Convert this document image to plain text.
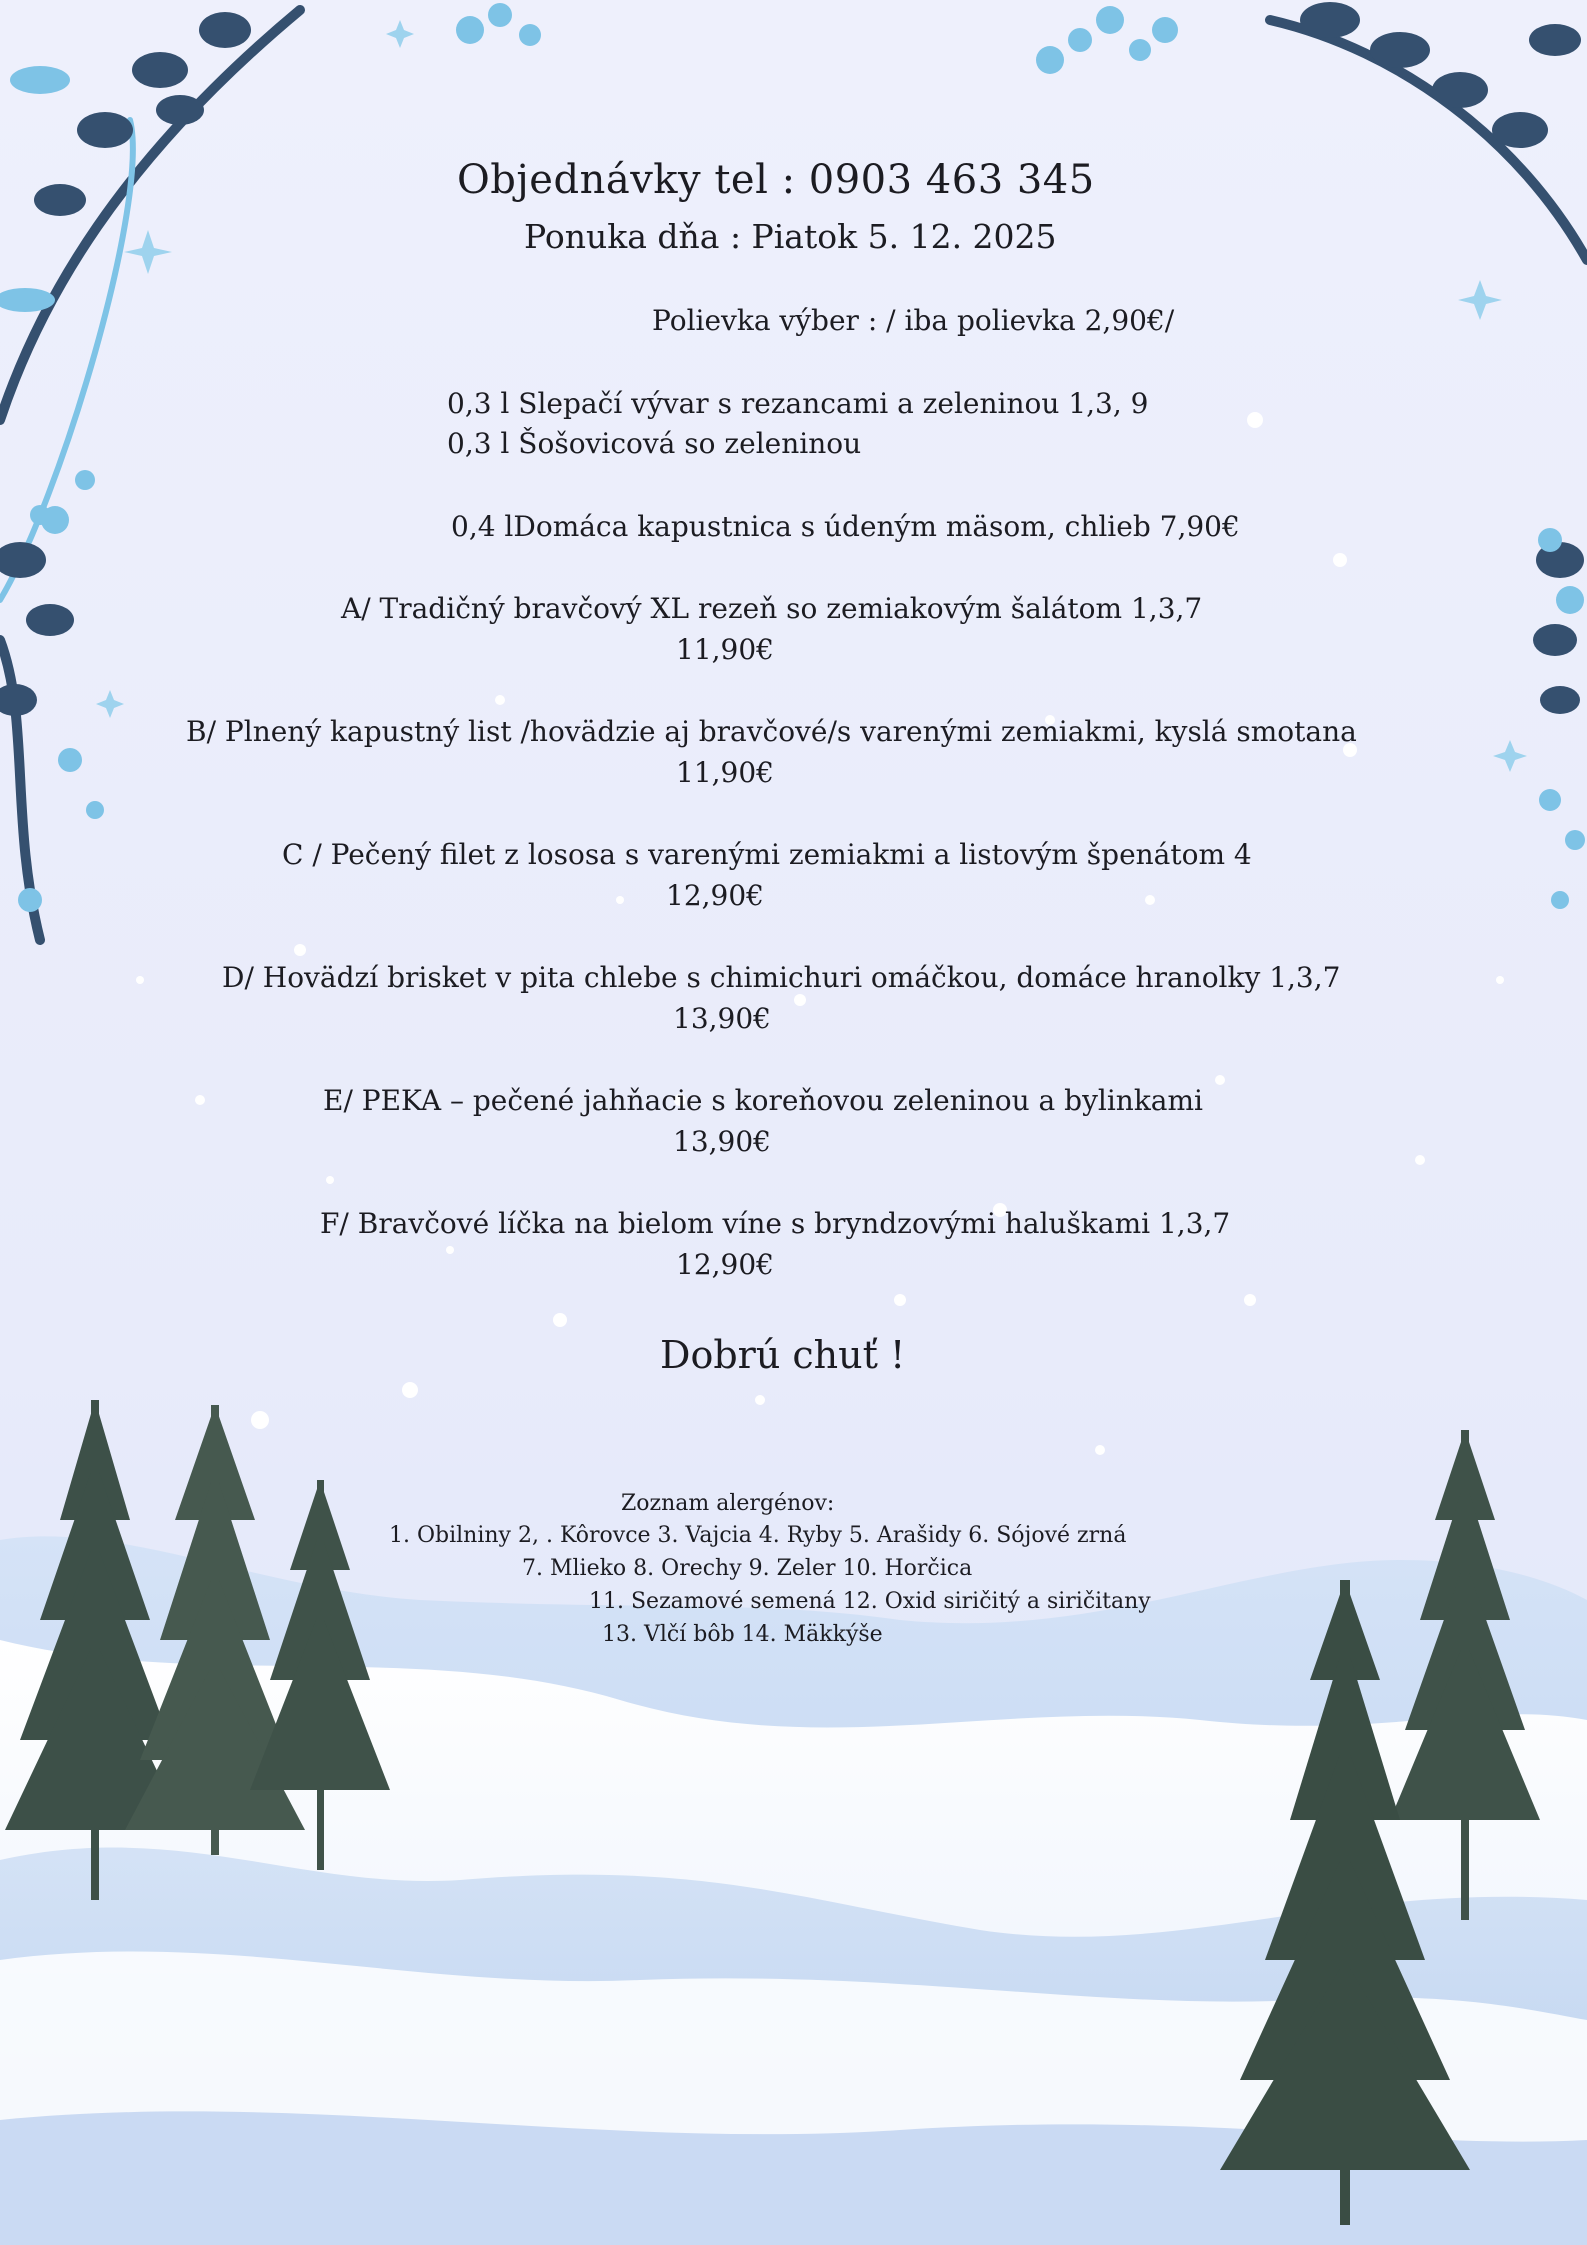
Objednávky tel : 0903 463 345
Ponuka dňa : Piatok 5. 12. 2025
Polievka výber : / iba polievka 2,90€/
0,3 l Slepačí vývar s rezancami a zeleninou 1,3, 9
0,3 l Šošovicová so zeleninou
0,4 lDomáca kapustnica s údeným mäsom, chlieb 7,90€
A/ Tradičný bravčový XL rezeň so zemiakovým šalátom 1,3,7
11,90€
B/ Plnený kapustný list /hovädzie aj bravčové/s varenými zemiakmi, kyslá smotana
11,90€
C / Pečený filet z lososa s varenými zemiakmi a listovým špenátom 4
12,90€
D/ Hovädzí brisket v pita chlebe s chimichuri omáčkou, domáce hranolky 1,3,7
13,90€
E/ PEKA – pečené jahňacie s koreňovou zeleninou a bylinkami
13,90€
F/ Bravčové líčka na bielom víne s bryndzovými haluškami 1,3,7
12,90€
Dobrú chuť !
Zoznam alergénov:
1. Obilniny 2, . Kôrovce 3. Vajcia 4. Ryby 5. Arašidy 6. Sójové zrná
7. Mlieko 8. Orechy 9. Zeler 10. Horčica
11. Sezamové semená 12. Oxid siričitý a siričitany
13. Vlčí bôb 14. Mäkkýše
